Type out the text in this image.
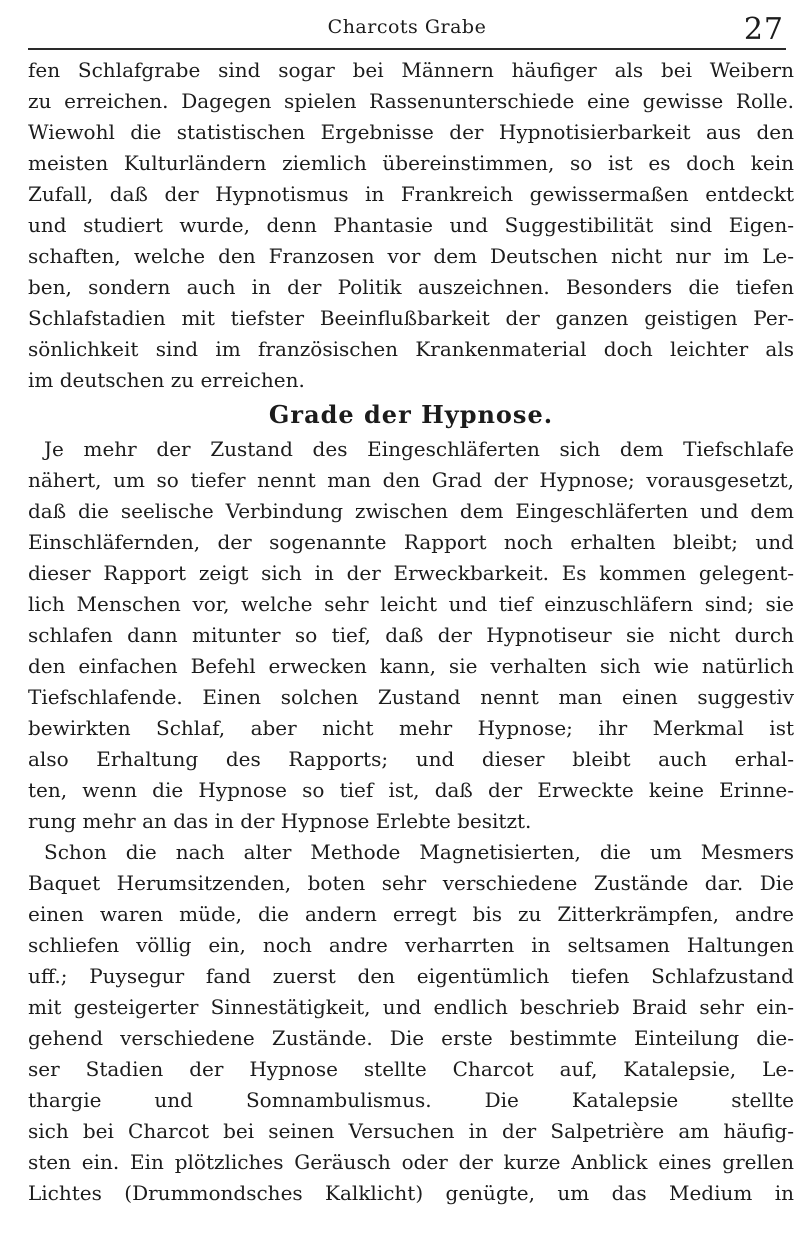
Charcots Grabe	27
fen Schlafgrabe sind sogar bei Männern häufiger als bei Weibern
zu erreichen. Dagegen spielen Rassenunterschiede eine gewisse Rolle.
Wiewohl die statistischen Ergebnisse der Hypnotisierbarkeit aus den
meisten Kulturländern ziemlich übereinstimmen, so ist es doch kein
Zufall, daß der Hypnotismus in Frankreich gewissermaßen entdeckt
und studiert wurde, denn Phantasie und Suggestibilität sind Eigen-
schaften, welche den Franzosen vor dem Deutschen nicht nur im Le-
ben, sondern auch in der Politik auszeichnen. Besonders die tiefen
Schlafstadien mit tiefster Beeinflußbarkeit der ganzen geistigen Per-
sönlichkeit sind im französischen Krankenmaterial doch leichter als
im deutschen zu erreichen.
Grade der Hypnose.
Je mehr der Zustand des Eingeschläferten sich dem Tiefschlafe
nähert, um so tiefer nennt man den Grad der Hypnose; vorausgesetzt,
daß die seelische Verbindung zwischen dem Eingeschläferten und dem
Einschläfernden, der sogenannte Rapport noch erhalten bleibt; und
dieser Rapport zeigt sich in der Erweckbarkeit. Es kommen gelegent-
lich Menschen vor, welche sehr leicht und tief einzuschläfern sind; sie
schlafen dann mitunter so tief, daß der Hypnotiseur sie nicht durch
den einfachen Befehl erwecken kann, sie verhalten sich wie natürlich
Tiefschlafende. Einen solchen Zustand nennt man einen suggestiv
bewirkten Schlaf, aber nicht mehr Hypnose; ihr Merkmal ist
also Erhaltung des Rapports; und dieser bleibt auch erhal-
ten, wenn die Hypnose so tief ist, daß der Erweckte keine Erinne-
rung mehr an das in der Hypnose Erlebte besitzt.
Schon die nach alter Methode Magnetisierten, die um Mesmers
Baquet Herumsitzenden, boten sehr verschiedene Zustände dar. Die
einen waren müde, die andern erregt bis zu Zitterkrämpfen, andre
schliefen völlig ein, noch andre verharrten in seltsamen Haltungen
uff.; Puysegur fand zuerst den eigentümlich tiefen Schlafzustand
mit gesteigerter Sinnestätigkeit, und endlich beschrieb Braid sehr ein-
gehend verschiedene Zustände. Die erste bestimmte Einteilung die-
ser Stadien der Hypnose stellte Charcot auf, Katalepsie, Le-
thargie und Somnambulismus. Die Katalepsie stellte
sich bei Charcot bei seinen Versuchen in der Salpetrière am häufig-
sten ein. Ein plötzliches Geräusch oder der kurze Anblick eines grellen
Lichtes (Drummondsches Kalklicht) genügte, um das Medium in
